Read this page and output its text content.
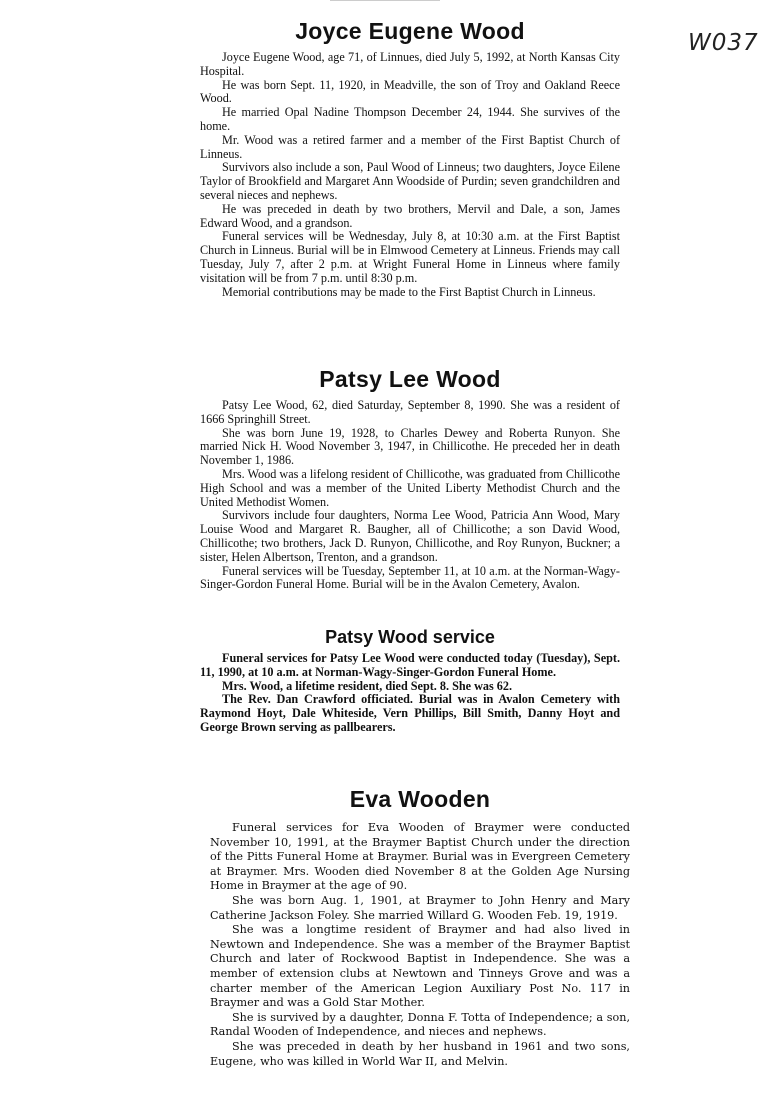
W037
Joyce Eugene Wood

Joyce Eugene Wood, age 71, of Linnues, died July 5, 1992, at North Kansas City Hospital.

He was born Sept. 11, 1920, in Meadville, the son of Troy and Oakland Reece Wood.

He married Opal Nadine Thompson December 24, 1944. She survives of the home.

Mr. Wood was a retired farmer and a member of the First Baptist Church of Linneus.

Survivors also include a son, Paul Wood of Linneus; two daughters, Joyce Eilene Taylor of Brookfield and Margaret Ann Woodside of Purdin; seven grandchildren and several nieces and nephews.

He was preceded in death by two brothers, Mervil and Dale, a son, James Edward Wood, and a grandson.

Funeral services will be Wednesday, July 8, at 10:30 a.m. at the First Baptist Church in Linneus. Burial will be in Elmwood Cemetery at Linneus. Friends may call Tuesday, July 7, after 2 p.m. at Wright Funeral Home in Linneus where family visitation will be from 7 p.m. until 8:30 p.m.

Memorial contributions may be made to the First Baptist Church in Linneus.

Patsy Lee Wood

Patsy Lee Wood, 62, died Saturday, September 8, 1990. She was a resident of 1666 Springhill Street.

She was born June 19, 1928, to Charles Dewey and Roberta Runyon. She married Nick H. Wood November 3, 1947, in Chillicothe. He preceded her in death November 1, 1986.

Mrs. Wood was a lifelong resident of Chillicothe, was graduated from Chillicothe High School and was a member of the United Liberty Methodist Church and the United Methodist Women.

Survivors include four daughters, Norma Lee Wood, Patricia Ann Wood, Mary Louise Wood and Margaret R. Baugher, all of Chillicothe; a son David Wood, Chillicothe; two brothers, Jack D. Runyon, Chillicothe, and Roy Runyon, Buckner; a sister, Helen Albertson, Trenton, and a grandson.

Funeral services will be Tuesday, September 11, at 10 a.m. at the Norman-Wagy-Singer-Gordon Funeral Home. Burial will be in the Avalon Cemetery, Avalon.

Patsy Wood service

Funeral services for Patsy Lee Wood were conducted today (Tuesday), Sept. 11, 1990, at 10 a.m. at Norman-Wagy-Singer-Gordon Funeral Home.

Mrs. Wood, a lifetime resident, died Sept. 8. She was 62.

The Rev. Dan Crawford officiated. Burial was in Avalon Cemetery with Raymond Hoyt, Dale Whiteside, Vern Phillips, Bill Smith, Danny Hoyt and George Brown serving as pallbearers.

Eva Wooden

Funeral services for Eva Wooden of Braymer were conducted November 10, 1991, at the Braymer Baptist Church under the direction of the Pitts Funeral Home at Braymer. Burial was in Evergreen Cemetery at Braymer. Mrs. Wooden died November 8 at the Golden Age Nursing Home in Braymer at the age of 90.

She was born Aug. 1, 1901, at Braymer to John Henry and Mary Catherine Jackson Foley. She married Willard G. Wooden Feb. 19, 1919.

She was a longtime resident of Braymer and had also lived in Newtown and Independence. She was a member of the Braymer Baptist Church and later of Rockwood Baptist in Independence. She was a member of extension clubs at Newtown and Tinneys Grove and was a charter member of the American Legion Auxiliary Post No. 117 in Braymer and was a Gold Star Mother.

She is survived by a daughter, Donna F. Totta of Independence; a son, Randal Wooden of Independence, and nieces and nephews.

She was preceded in death by her husband in 1961 and two sons, Eugene, who was killed in World War II, and Melvin.
